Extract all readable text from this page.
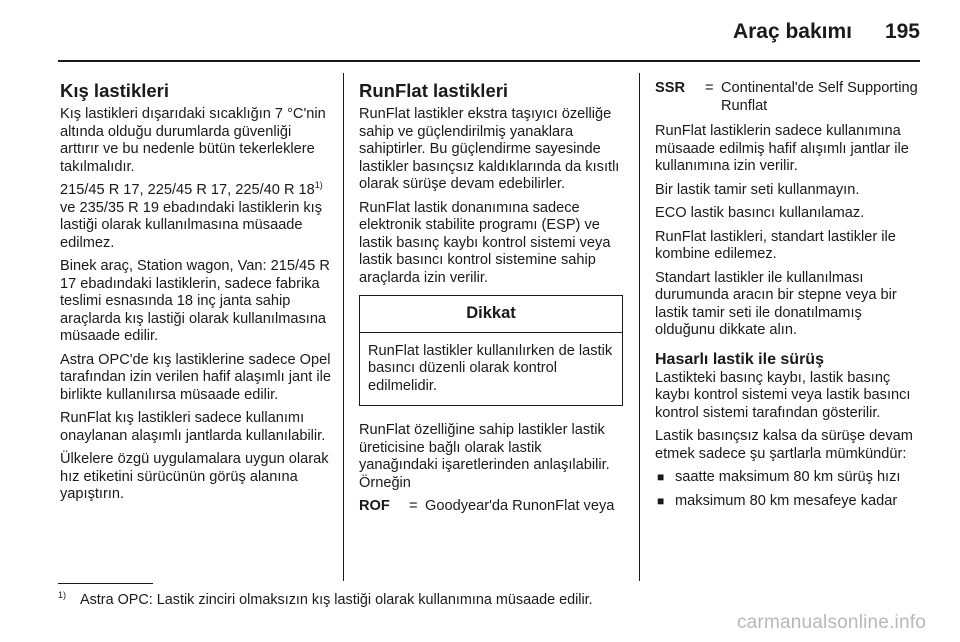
Araç bakımı 195
Kış lastikleri

Kış lastikleri dışarıdaki sıcaklığın 7 °C'nin altında olduğu durumlarda güvenliği arttırır ve bu nedenle bütün tekerleklere takılmalıdır.

215/45 R 17, 225/45 R 17, 225/40 R 18$^{1)}$ ve 235/35 R 19 ebadındaki lastiklerin kış lastiği olarak kullanılmasına müsaade edilmez.

Binek araç, Station wagon, Van: 215/45 R 17 ebadındaki lastiklerin, sadece fabrika teslimi esnasında 18 inç janta sahip araçlarda kış lastiği olarak kullanılmasına müsaade edilir.

Astra OPC'de kış lastiklerine sadece Opel tarafından izin verilen hafif alaşımlı jant ile birlikte kullanılırsa müsaade edilir.

RunFlat kış lastikleri sadece kullanımı onaylanan alaşımlı jantlarda kullanılabilir.

Ülkelere özgü uygulamalara uygun olarak hız etiketini sürücünün görüş alanına yapıştırın.

RunFlat lastikleri

RunFlat lastikler ekstra taşıyıcı özelliğe sahip ve güçlendirilmiş yanaklara sahiptirler. Bu güçlendirme sayesinde lastikler basınçsız kaldıklarında da kısıtlı olarak sürüşe devam edebilirler.

RunFlat lastik donanımına sadece elektronik stabilite programı (ESP) ve lastik basınç kaybı kontrol sistemi veya lastik basıncı kontrol sistemine sahip araçlarda izin verilir.

Dikkat
RunFlat lastikler kullanılırken de lastik basıncı düzenli olarak kontrol edilmelidir.

RunFlat özelliğine sahip lastikler lastik üreticisine bağlı olarak lastik yanağındaki işaretlerinden anlaşılabilir. Örneğin

ROF	= Goodyear'da RunonFlat veya
SSR	= Continental'de Self Supporting Runflat

RunFlat lastiklerin sadece kullanımına müsaade edilmiş hafif alışımlı jantlar ile kullanımına izin verilir.

Bir lastik tamir seti kullanmayın.

ECO lastik basıncı kullanılamaz.

RunFlat lastikleri, standart lastikler ile kombine edilemez.

Standart lastikler ile kullanılması durumunda aracın bir stepne veya bir lastik tamir seti ile donatılmamış olduğunu dikkate alın.

Hasarlı lastik ile sürüş

Lastikteki basınç kaybı, lastik basınç kaybı kontrol sistemi veya lastik basıncı kontrol sistemi tarafından gösterilir.

Lastik basınçsız kalsa da sürüşe devam etmek sadece şu şartlarla mümkündür:

■ saatte maksimum 80 km sürüş hızı
■ maksimum 80 km mesafeye kadar
$^{1)}$ Astra OPC: Lastik zinciri olmaksızın kış lastiği olarak kullanımına müsaade edilir.
carmanualsonline.info
